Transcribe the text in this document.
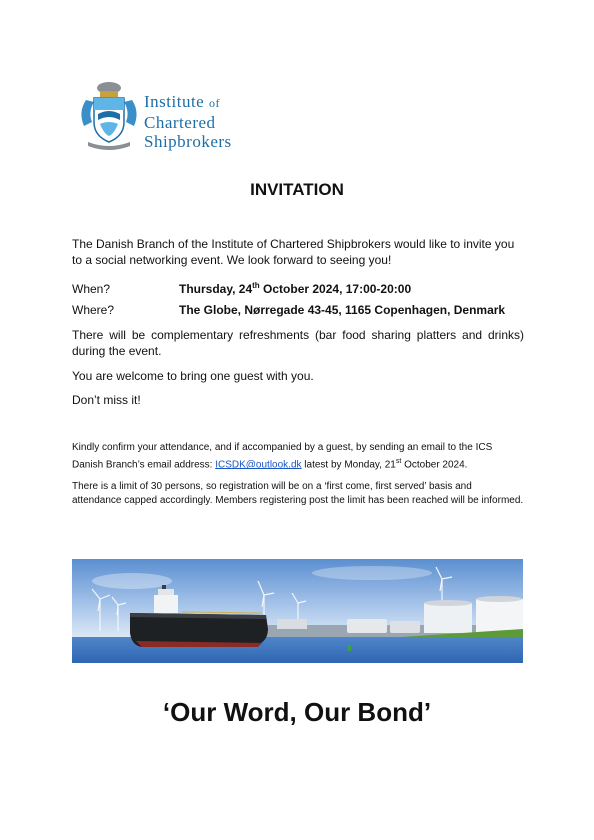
Institute of
Chartered
Shipbrokers
INVITATION

The Danish Branch of the Institute of Chartered Shipbrokers would like to invite you to a social networking event. We look forward to seeing you!

When?	Thursday, 24th October 2024, 17:00-20:00
Where?	The Globe, Nørregade 43-45, 1165 Copenhagen, Denmark

There will be complementary refreshments (bar food sharing platters and drinks) during the event.

You are welcome to bring one guest with you.

Don’t miss it!

Kindly confirm your attendance, and if accompanied by a guest, by sending an email to the ICS Danish Branch’s email address: ICSDK@outlook.dk latest by Monday, 21st October 2024.

There is a limit of 30 persons, so registration will be on a ‘first come, first served’ basis and attendance capped accordingly. Members registering post the limit has been reached will be informed.

‘Our Word, Our Bond’
